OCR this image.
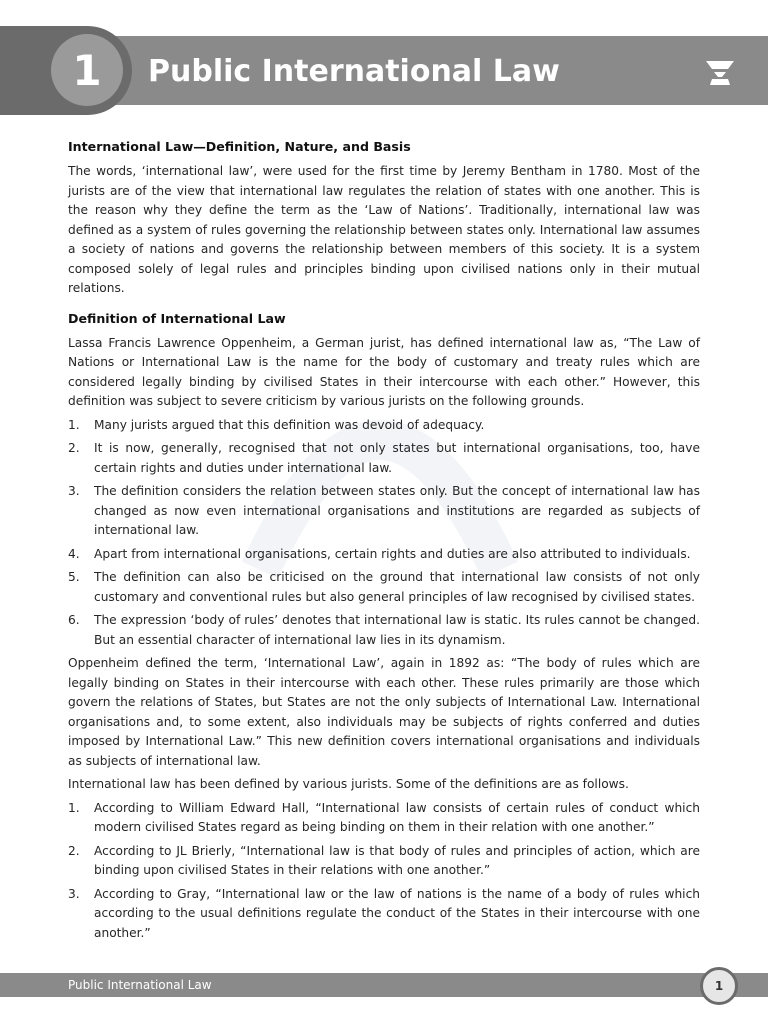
1	Public International Law
International Law—Definition, Nature, and Basis

The words, ‘international law’, were used for the first time by Jeremy Bentham in 1780. Most of the jurists are of the view that international law regulates the relation of states with one another. This is the reason why they define the term as the ‘Law of Nations’. Traditionally, international law was defined as a system of rules governing the relationship between states only. International law assumes a society of nations and governs the relationship between members of this society. It is a system composed solely of legal rules and principles binding upon civilised nations only in their mutual relations.

Definition of International Law

Lassa Francis Lawrence Oppenheim, a German jurist, has defined international law as, “The Law of Nations or International Law is the name for the body of customary and treaty rules which are considered legally binding by civilised States in their intercourse with each other.” However, this definition was subject to severe criticism by various jurists on the following grounds.

1.	Many jurists argued that this definition was devoid of adequacy.
2.	It is now, generally, recognised that not only states but international organisations, too, have certain rights and duties under international law.
3.	The definition considers the relation between states only. But the concept of international law has changed as now even international organisations and institutions are regarded as subjects of international law.
4.	Apart from international organisations, certain rights and duties are also attributed to individuals.
5.	The definition can also be criticised on the ground that international law consists of not only customary and conventional rules but also general principles of law recognised by civilised states.
6.	The expression ‘body of rules’ denotes that international law is static. Its rules cannot be changed. But an essential character of international law lies in its dynamism.

Oppenheim defined the term, ‘International Law’, again in 1892 as: “The body of rules which are legally binding on States in their intercourse with each other. These rules primarily are those which govern the relations of States, but States are not the only subjects of International Law. International organisations and, to some extent, also individuals may be subjects of rights conferred and duties imposed by International Law.” This new definition covers international organisations and individuals as subjects of international law.

International law has been defined by various jurists. Some of the definitions are as follows.

1.	According to William Edward Hall, “International law consists of certain rules of conduct which modern civilised States regard as being binding on them in their relation with one another.”
2.	According to JL Brierly, “International law is that body of rules and principles of action, which are binding upon civilised States in their relations with one another.”
3.	According to Gray, “International law or the law of nations is the name of a body of rules which according to the usual definitions regulate the conduct of the States in their intercourse with one another.”
Public International Law	1
